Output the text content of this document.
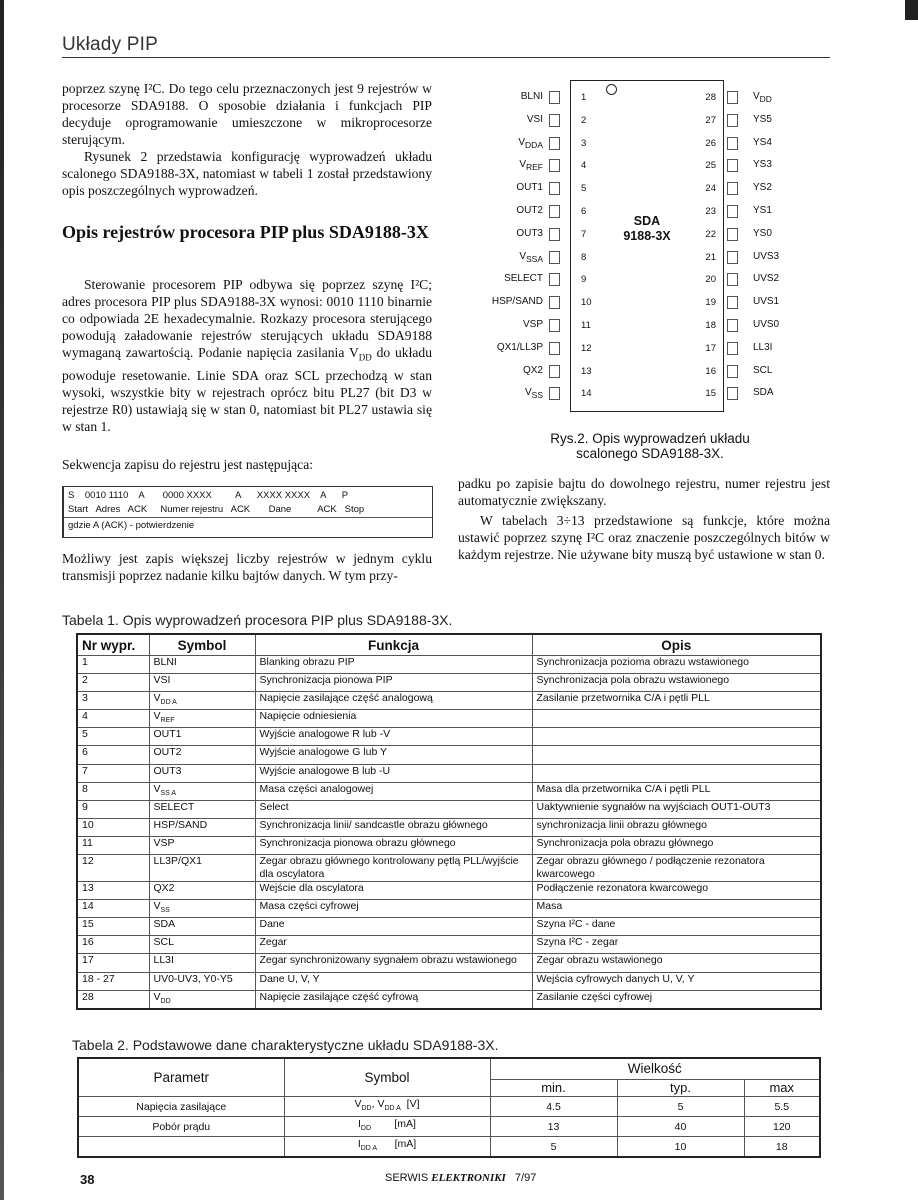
Układy PIP

poprzez szynę I²C. Do tego celu przeznaczonych jest 9 rejestrów w procesorze SDA9188. O sposobie działania i funkcjach PIP decyduje oprogramowanie umieszczone w mikroprocesorze sterującym.

Rysunek 2 przedstawia konfigurację wyprowadzeń układu scalonego SDA9188-3X, natomiast w tabeli 1 został przedstawiony opis poszczególnych wyprowadzeń.

Opis rejestrów procesora PIP plus SDA9188-3X

Sterowanie procesorem PIP odbywa się poprzez szynę I²C; adres procesora PIP plus SDA9188-3X wynosi: 0010 1110 binarnie co odpowiada 2E hexadecymalnie. Rozkazy procesora sterującego powodują załadowanie rejestrów sterujących układu SDA9188 wymaganą zawartością. Podanie napięcia zasilania $V_{DD}$ do układu powoduje resetowanie. Linie SDA oraz SCL przechodzą w stan wysoki, wszystkie bity w rejestrach oprócz bitu PL27 (bit D3 w rejestrze R0) ustawiają się w stan 0, natomiast bit PL27 ustawia się w stan 1.

Sekwencja zapisu do rejestru jest następująca:

S    0010 1110    A       0000 XXXX         A      XXXX XXXX    A      P
Start   Adres   ACK     Numer rejestru   ACK       Dane          ACK   Stop
gdzie A (ACK) - potwierdzenie

Możliwy jest zapis większej liczby rejestrów w jednym cyklu transmisji poprzez nadanie kilku bajtów danych. W tym przy-

padku po zapisie bajtu do dowolnego rejestru, numer rejestru jest automatycznie zwiększany.

W tabelach 3÷13 przedstawione są funkcje, które można ustawić poprzez szynę I²C oraz znaczenie poszczególnych bitów w każdym rejestrze. Nie używane bity muszą być ustawione w stan 0.

SDA
9188-3X
BLNI	1
VSI	2
$V_{DDA}$	3
$V_{REF}$	4
OUT1	5
OUT2	6
OUT3	7
$V_{SSA}$	8
SELECT	9
HSP/SAND	10
VSP	11
QX1/LL3P	12
QX2	13
$V_{SS}$	14
28	$V_{DD}$
27	YS5
26	YS4
25	YS3
24	YS2
23	YS1
22	YS0
21	UVS3
20	UVS2
19	UVS1
18	UVS0
17	LL3I
16	SCL
15	SDA
Rys.2. Opis wyprowadzeń układu
scalonego SDA9188-3X.
Tabela 1. Opis wyprowadzeń procesora PIP plus SDA9188-3X.
Nr wypr.	Symbol	Funkcja	Opis
1	BLNI	Blanking obrazu PIP	Synchronizacja pozioma obrazu wstawionego
2	VSI	Synchronizacja pionowa PIP	Synchronizacja pola obrazu wstawionego
3	$V_{DD A}$	Napięcie zasilające część analogową	Zasilanie przetwornika C/A i pętli PLL
4	$V_{REF}$	Napięcie odniesienia	
5	OUT1	Wyjście analogowe R lub -V	
6	OUT2	Wyjście analogowe G lub Y	
7	OUT3	Wyjście analogowe B lub -U	
8	$V_{SS A}$	Masa części analogowej	Masa dla przetwornika C/A i pętli PLL
9	SELECT	Select	Uaktywnienie sygnałów na wyjściach OUT1-OUT3
10	HSP/SAND	Synchronizacja linii/ sandcastle obrazu głównego	synchronizacja linii obrazu głównego
11	VSP	Synchronizacja pionowa obrazu głównego	Synchronizacja pola obrazu głównego
12	LL3P/QX1	Zegar obrazu głównego kontrolowany pętlą PLL/wyjście dla oscylatora	Zegar obrazu głównego / podłączenie rezonatora kwarcowego
13	QX2	Wejście dla oscylatora	Podłączenie rezonatora kwarcowego
14	$V_{SS}$	Masa części cyfrowej	Masa
15	SDA	Dane	Szyna I²C - dane
16	SCL	Zegar	Szyna I²C - zegar
17	LL3I	Zegar synchronizowany sygnałem obrazu wstawionego	Zegar obrazu wstawionego
18 - 27	UV0-UV3, Y0-Y5	Dane U, V, Y	Wejścia cyfrowych danych U, V, Y
28	$V_{DD}$	Napięcie zasilające część cyfrową	Zasilanie części cyfrowej
Tabela 2. Podstawowe dane charakterystyczne układu SDA9188-3X.
Parametr	Symbol	Wielkość		
		min.	typ.	max
Napięcia zasilające	$V_{DD}$, $V_{DD A}$ [V]	4.5	5	5.5
Pobór prądu	$I_{DD}$ [mA]	13	40	120
	$I_{DD A}$ [mA]	5	10	18
38	SERWIS ELEKTRONIKI 7/97
